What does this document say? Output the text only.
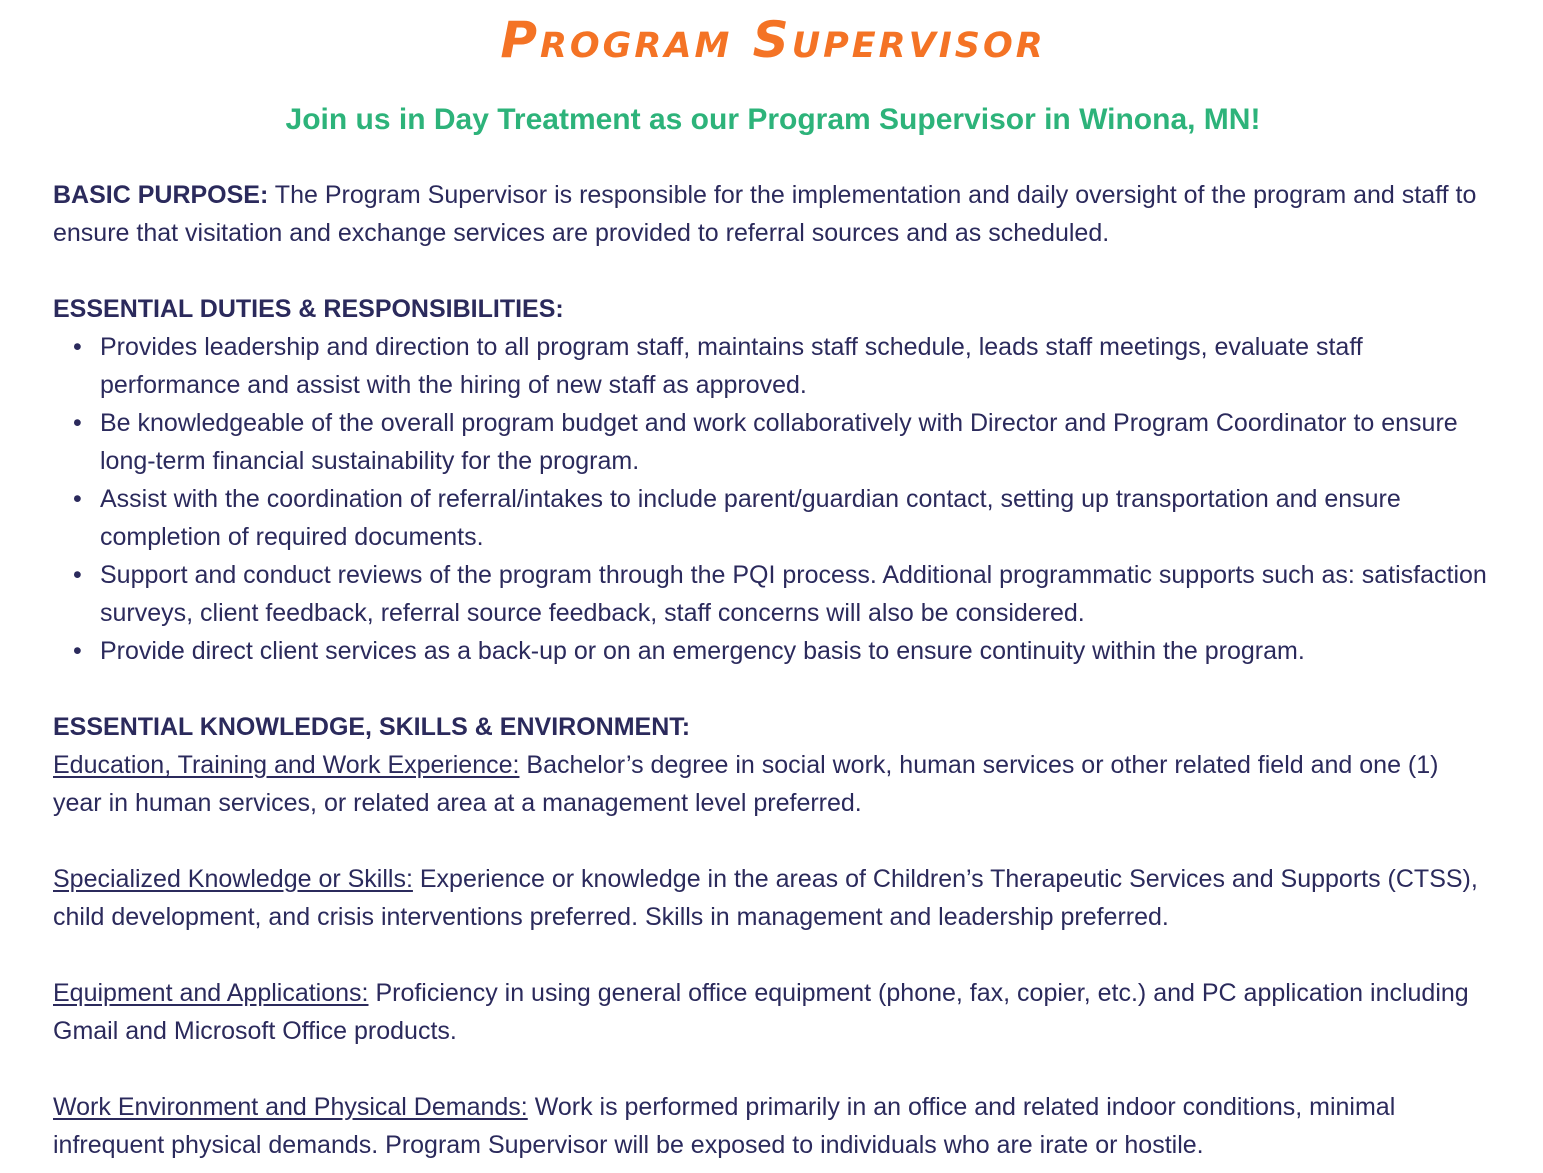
Program Supervisor
Join us in Day Treatment as our Program Supervisor in Winona, MN!

BASIC PURPOSE: The Program Supervisor is responsible for the implementation and daily oversight of the program and staff to ensure that visitation and exchange services are provided to referral sources and as scheduled.

ESSENTIAL DUTIES & RESPONSIBILITIES:

• Provides leadership and direction to all program staff, maintains staff schedule, leads staff meetings, evaluate staff performance and assist with the hiring of new staff as approved.
• Be knowledgeable of the overall program budget and work collaboratively with Director and Program Coordinator to ensure long-term financial sustainability for the program.
• Assist with the coordination of referral/intakes to include parent/guardian contact, setting up transportation and ensure completion of required documents.
• Support and conduct reviews of the program through the PQI process. Additional programmatic supports such as: satisfaction surveys, client feedback, referral source feedback, staff concerns will also be considered.
• Provide direct client services as a back-up or on an emergency basis to ensure continuity within the program.

ESSENTIAL KNOWLEDGE, SKILLS & ENVIRONMENT:

Education, Training and Work Experience: Bachelor’s degree in social work, human services or other related field and one (1) year in human services, or related area at a management level preferred.

Specialized Knowledge or Skills: Experience or knowledge in the areas of Children’s Therapeutic Services and Supports (CTSS), child development, and crisis interventions preferred. Skills in management and leadership preferred.

Equipment and Applications: Proficiency in using general office equipment (phone, fax, copier, etc.) and PC application including Gmail and Microsoft Office products.

Work Environment and Physical Demands: Work is performed primarily in an office and related indoor conditions, minimal infrequent physical demands. Program Supervisor will be exposed to individuals who are irate or hostile.
